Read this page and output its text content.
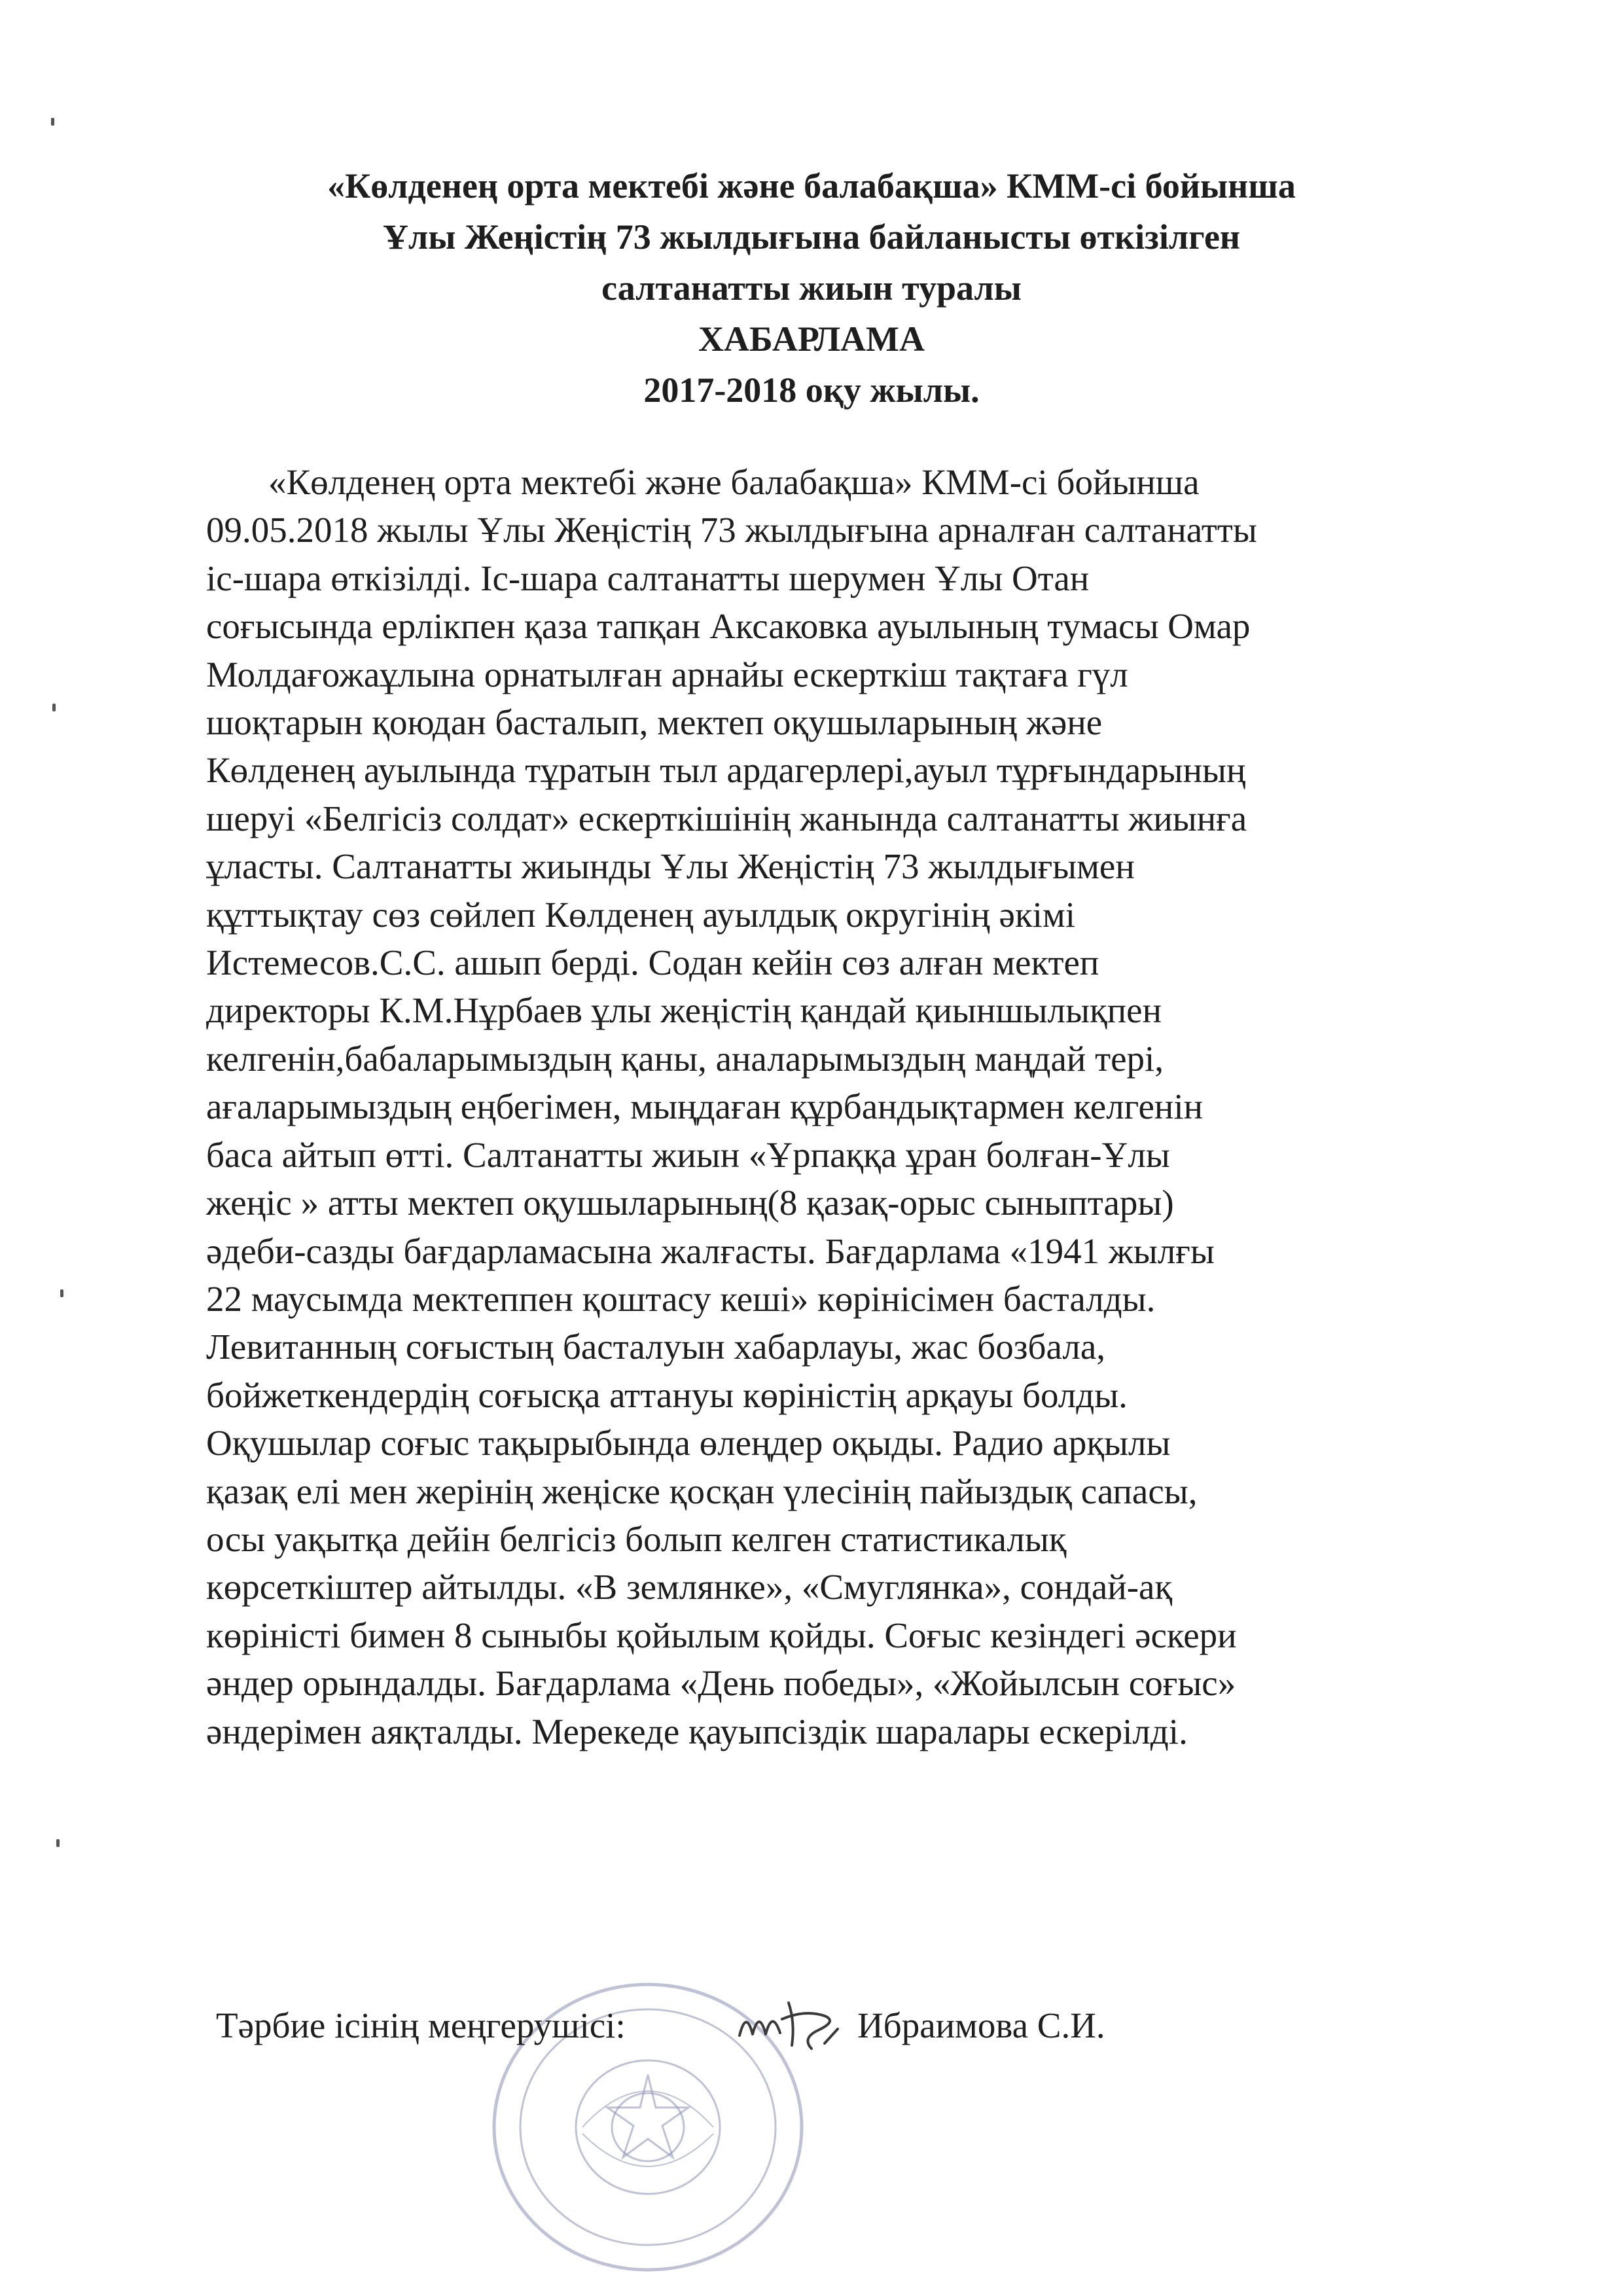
«Көлденең орта мектебі және балабақша» КММ-сі бойынша
Ұлы Жеңістің 73 жылдығына байланысты өткізілген
салтанатты жиын туралы
ХАБАРЛАМА
2017-2018 оқу жылы.
«Көлденең орта мектебі және балабақша» КММ-сі бойынша
09.05.2018 жылы Ұлы Жеңістің 73 жылдығына арналған салтанатты
іс-шара өткізілді. Іс-шара салтанатты шерумен Ұлы Отан
соғысында ерлікпен қаза тапқан Аксаковка ауылының тумасы Омар
Молдағожаұлына орнатылған арнайы ескерткіш тақтаға гүл
шоқтарын қоюдан басталып, мектеп оқушыларының және
Көлденең ауылында тұратын тыл ардагерлері,ауыл тұрғындарының
шеруі «Белгісіз солдат» ескерткішінің жанында салтанатты жиынға
ұласты. Салтанатты жиынды Ұлы Жеңістің 73 жылдығымен
құттықтау сөз сөйлеп Көлденең ауылдық округінің әкімі
Истемесов.С.С. ашып берді. Содан кейін сөз алған мектеп
директоры К.М.Нұрбаев ұлы жеңістің қандай қиыншылықпен
келгенін,бабаларымыздың қаны, аналарымыздың маңдай тері,
ағаларымыздың еңбегімен, мыңдаған құрбандықтармен келгенін
баса айтып өтті. Салтанатты жиын «Ұрпаққа ұран болған-Ұлы
жеңіс » атты мектеп оқушыларының(8 қазақ-орыс сыныптары)
әдеби-сазды бағдарламасына жалғасты. Бағдарлама «1941 жылғы
22 маусымда мектеппен қоштасу кеші» көрінісімен басталды.
Левитанның соғыстың басталуын хабарлауы, жас бозбала,
бойжеткендердің соғысқа аттануы көріністің арқауы болды.
Оқушылар соғыс тақырыбында өлеңдер оқыды. Радио арқылы
қазақ елі мен жерінің жеңіске қосқан үлесінің пайыздық сапасы,
осы уақытқа дейін белгісіз болып келген статистикалық
көрсеткіштер айтылды. «В землянке», «Смуглянка», сондай-ақ
көріністі бимен 8 сыныбы қойылым қойды. Соғыс кезіндегі әскери
әндер орындалды. Бағдарлама «День победы», «Жойылсын соғыс»
әндерімен аяқталды. Мерекеде қауыпсіздік шаралары ескерілді.
Тәрбие ісінің меңгерушісі:	Ибраимова С.И.
